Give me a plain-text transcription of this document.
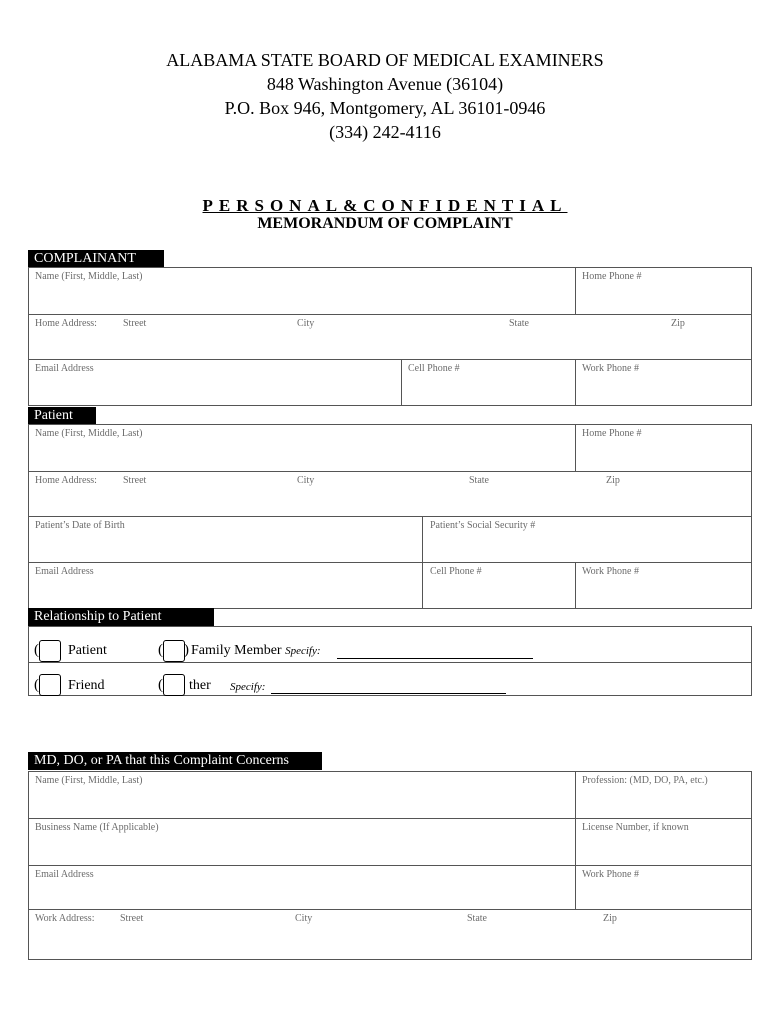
ALABAMA STATE BOARD OF MEDICAL EXAMINERS
848 Washington Avenue (36104)
P.O. Box 946, Montgomery, AL 36101-0946
(334) 242-4116
PERSONAL&CONFIDENTIAL
MEMORANDUM OF COMPLAINT
COMPLAINANT
Name (First, Middle, Last)	Home Phone #
Home Address:	Street	City	State	Zip
Email Address	Cell Phone #	Work Phone #
Patient
Name (First, Middle, Last)	Home Phone #
Home Address:	Street	City	State	Zip
Patient’s Date of Birth	Patient’s Social Security #
Email Address	Cell Phone #	Work Phone #
Relationship to Patient
( Patient	( ) Family Member Specify:
( Friend	( ther Specify:
MD, DO, or PA that this Complaint Concerns
Name (First, Middle, Last)	Profession: (MD, DO, PA, etc.)
Business Name (If Applicable)	License Number, if known
Email Address	Work Phone #
Work Address:	Street	City	State	Zip
